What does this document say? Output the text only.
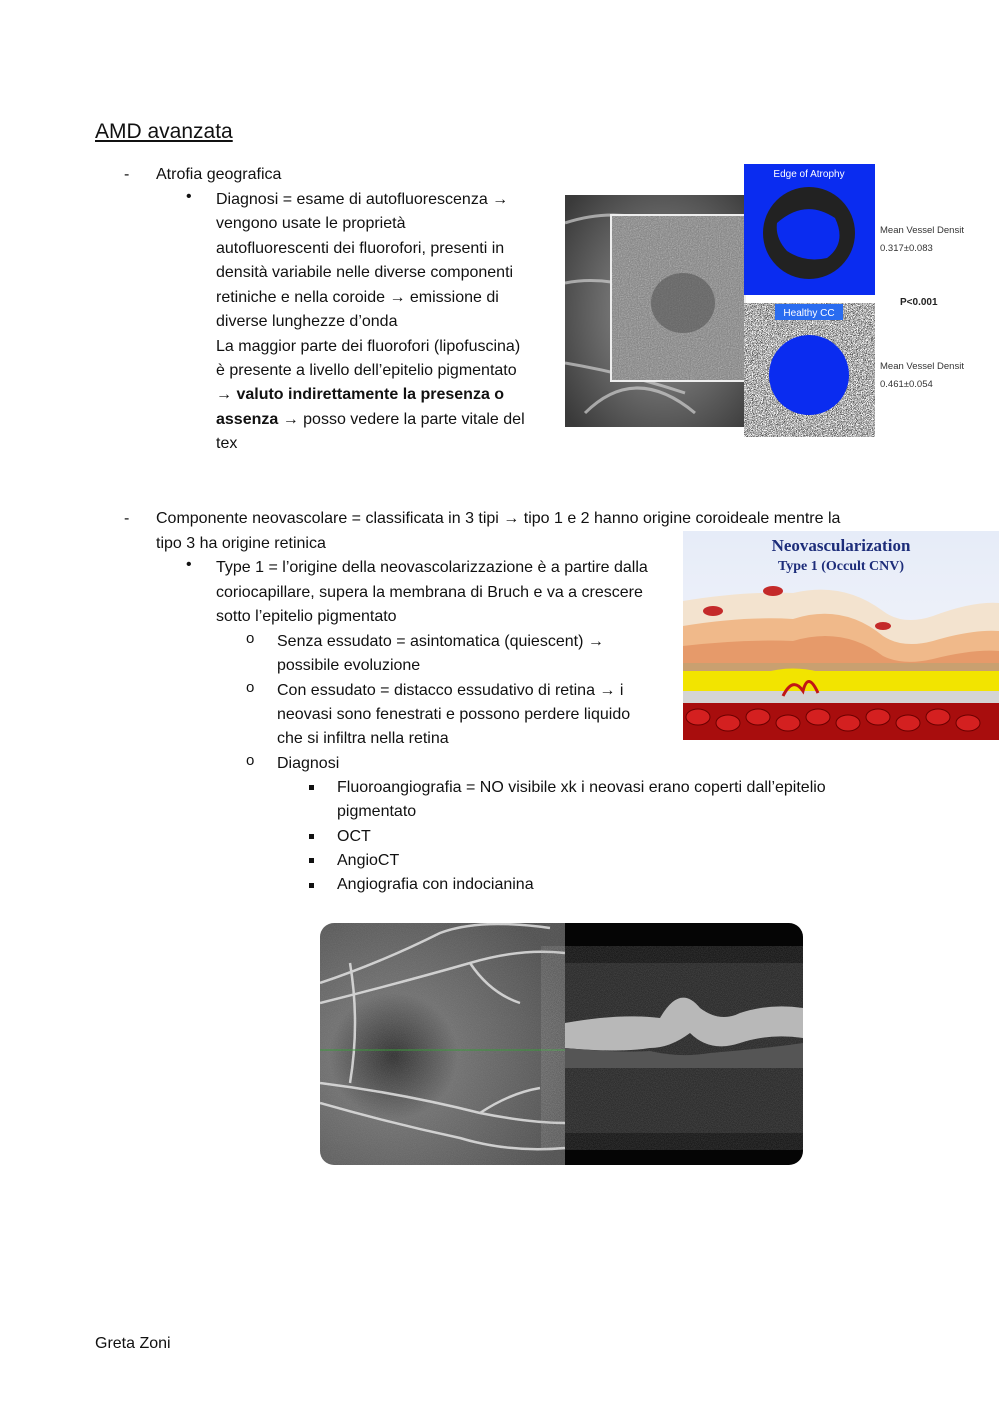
AMD avanzata
- Atrofia geografica
• Diagnosi = esame di autofluorescenza →
vengono usate le proprietà
autofluorescenti dei fluorofori, presenti in
densità variabile nelle diverse componenti
retiniche e nella coroide → emissione di
diverse lunghezze d’onda
La maggior parte dei fluorofori (lipofuscina)
è presente a livello dell’epitelio pigmentato
→ valuto indirettamente la presenza o
assenza → posso vedere la parte vitale del
tex
Edge of Atrophy
Healthy CC
Mean Vessel Densit
0.317±0.083
P<0.001
Mean Vessel Densit
0.461±0.054
- Componente neovascolare = classificata in 3 tipi → tipo 1 e 2 hanno origine coroideale mentre la
tipo 3 ha origine retinica
• Type 1 = l’origine della neovascolarizzazione è a partire dalla
coriocapillare, supera la membrana di Bruch e va a crescere
sotto l’epitelio pigmentato
o Senza essudato = asintomatica (quiescent) →
possibile evoluzione
o Con essudato = distacco essudativo di retina → i
neovasi sono fenestrati e possono perdere liquido
che si infiltra nella retina
o Diagnosi
Fluoroangiografia = NO visibile xk i neovasi erano coperti dall’epitelio
pigmentato
OCT
AngioCT
Angiografia con indocianina
Neovascularization
Type 1 (Occult CNV)
Greta Zoni
